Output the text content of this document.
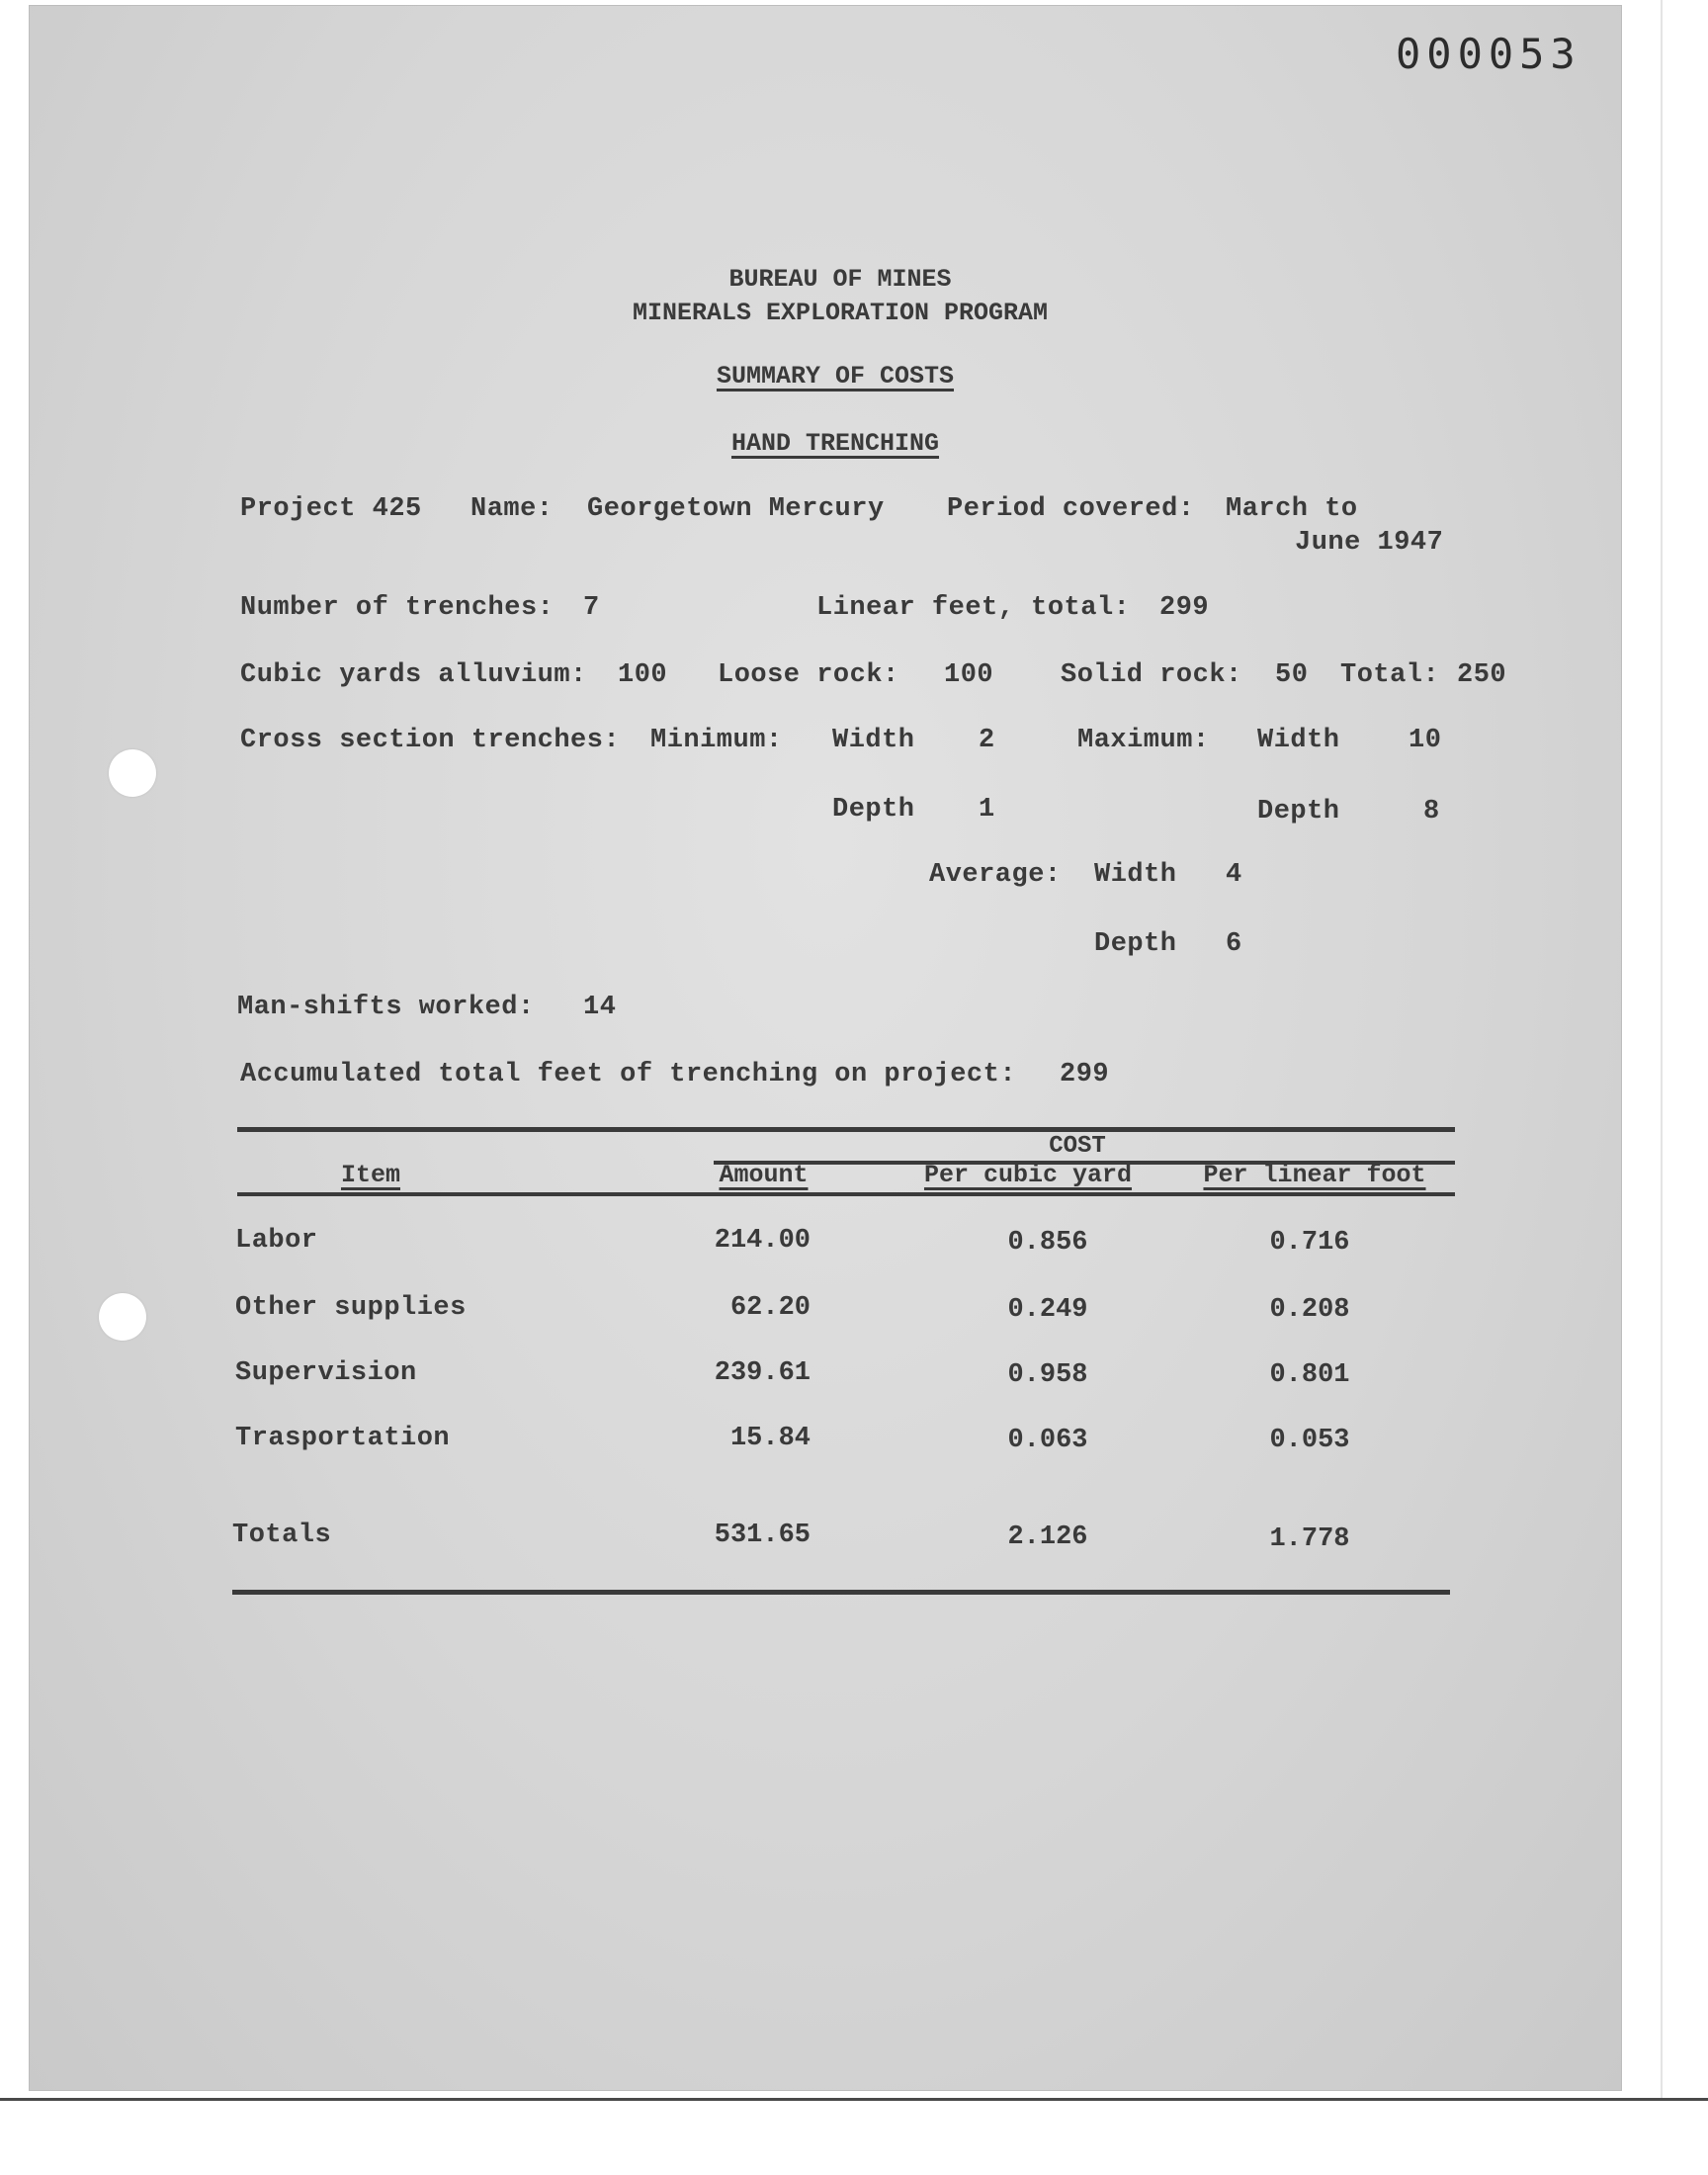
000053
BUREAU OF MINES
MINERALS EXPLORATION PROGRAM
SUMMARY OF COSTS
HAND TRENCHING
Project 425 Name: Georgetown Mercury Period covered: March to
June 1947
Number of trenches: 7	Linear feet, total: 299
Cubic yards alluvium: 100 Loose rock: 100	Solid rock: 50 Total: 250
Cross section trenches: Minimum: Width 2	Maximum: Width	10
Depth 1	Depth	8
Average: Width 4
Depth 6
Man-shifts worked: 14
Accumulated total feet of trenching on project: 299
COST
Item	Amount	Per cubic yard	Per linear foot
Labor	214.00	0.856	0.716
Other supplies	62.20	0.249	0.208
Supervision	239.61	0.958	0.801
Trasportation	15.84	0.063	0.053
Totals	531.65	2.126	1.778
